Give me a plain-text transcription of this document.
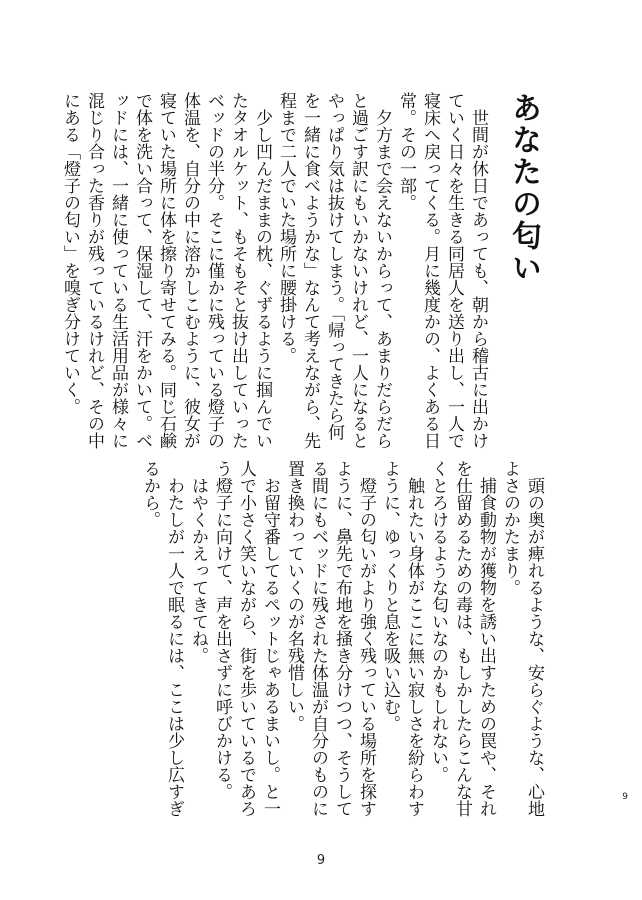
あなたの匂い

世間が休日であっても、朝から稽古に出かけていく日々を生きる同居人を送り出し、一人で寝床へ戻ってくる。月に幾度かの、よくある日常。その一部。

夕方まで会えないからって、あまりだらだらと過ごす訳にもいかないけれど、一人になるとやっぱり気は抜けてしまう。「帰ってきたら何を一緒に食べようかな」なんて考えながら、先程まで二人でいた場所に腰掛ける。

少し凹んだままの枕、ぐずるように掴んでいたタオルケット、もそもそと抜け出していったベッドの半分。そこに僅かに残っている燈子の体温を、自分の中に溶かしこむように、彼女が寝ていた場所に体を擦り寄せてみる。同じ石鹸で体を洗い合って、保湿して、汗をかいて。ベッドには、一緒に使っている生活用品が様々に混じり合った香りが残っているけれど、その中にある「燈子の匂い」を嗅ぎ分けていく。

頭の奥が痺れるような、安らぐような、心地よさのかたまり。

捕食動物が獲物を誘い出すための罠や、それを仕留めるための毒は、もしかしたらこんな甘くとろけるような匂いなのかもしれない。

触れたい身体がここに無い寂しさを紛らわすように、ゆっくりと息を吸い込む。

燈子の匂いがより強く残っている場所を探すように、鼻先で布地を掻き分けつつ、そうしてる間にもベッドに残された体温が自分のものに置き換わっていくのが名残惜しい。

お留守番してるペットじゃあるまいし。と一人で小さく笑いながら、街を歩いているであろう燈子に向けて、声を出さずに呼びかける。

はやくかえってきてね。

わたしが一人で眠るには、ここは少し広すぎるから。

9
9
